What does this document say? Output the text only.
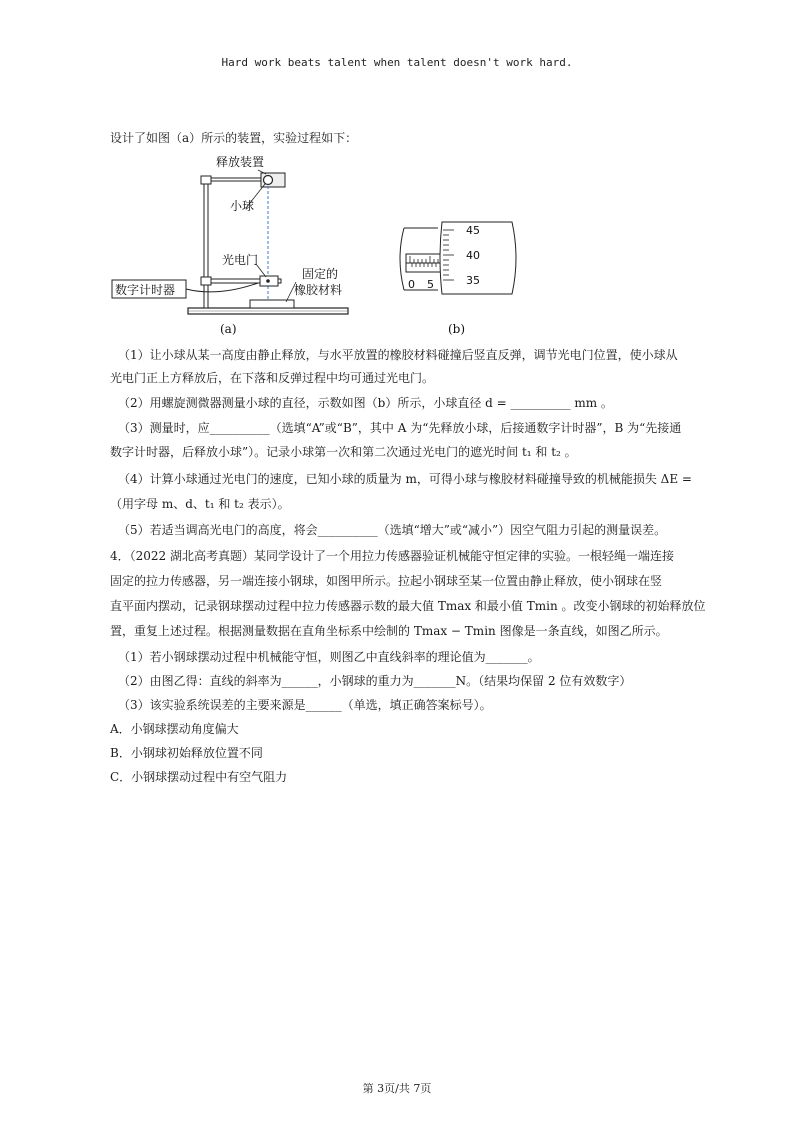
Hard work beats talent when talent doesn't work hard.
设计了如图（a）所示的装置，实验过程如下：
释放装置
小球
光电门
数字计时器
固定的
橡胶材料
(a)
45
40
35
0 5
(b)
（1）让小球从某一高度由静止释放，与水平放置的橡胶材料碰撞后竖直反弹，调节光电门位置，使小球从
光电门正上方释放后，在下落和反弹过程中均可通过光电门。
（2）用螺旋测微器测量小球的直径，示数如图（b）所示，小球直径 d = __________ mm 。
（3）测量时，应__________（选填“A”或“B”，其中 A 为“先释放小球，后接通数字计时器”，B 为“先接通
数字计时器，后释放小球”）。记录小球第一次和第二次通过光电门的遮光时间 t₁ 和 t₂ 。
（4）计算小球通过光电门的速度，已知小球的质量为 m，可得小球与橡胶材料碰撞导致的机械能损失 ΔE =
（用字母 m、d、t₁ 和 t₂ 表示）。
（5）若适当调高光电门的高度，将会__________（选填“增大”或“减小”）因空气阻力引起的测量误差。
4．（2022 湖北高考真题）某同学设计了一个用拉力传感器验证机械能守恒定律的实验。一根轻绳一端连接
固定的拉力传感器，另一端连接小钢球，如图甲所示。拉起小钢球至某一位置由静止释放，使小钢球在竖
直平面内摆动，记录钢球摆动过程中拉力传感器示数的最大值 Tmax 和最小值 Tmin 。改变小钢球的初始释放位
置，重复上述过程。根据测量数据在直角坐标系中绘制的 Tmax − Tmin 图像是一条直线，如图乙所示。
（1）若小钢球摆动过程中机械能守恒，则图乙中直线斜率的理论值为_______。
（2）由图乙得：直线的斜率为______，小钢球的重力为_______N。（结果均保留 2 位有效数字）
（3）该实验系统误差的主要来源是______（单选，填正确答案标号）。
A．小钢球摆动角度偏大
B．小钢球初始释放位置不同
C．小钢球摆动过程中有空气阻力
第 3页/共 7页
